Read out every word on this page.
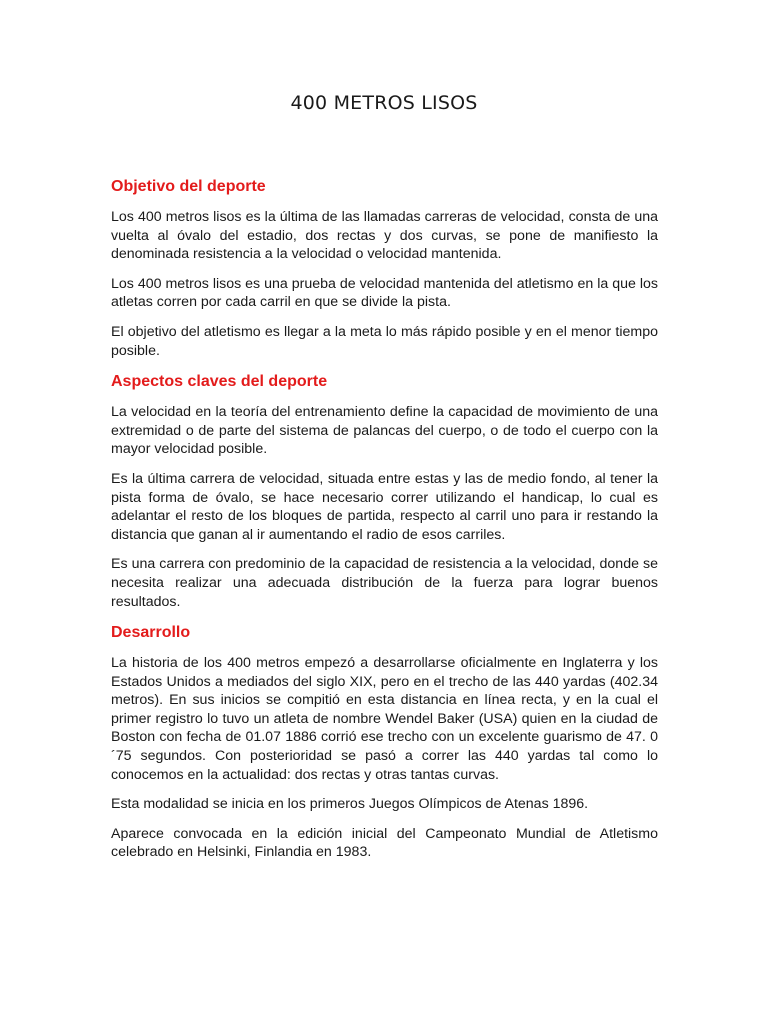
400 METROS LISOS
Objetivo del deporte

Los 400 metros lisos es la última de las llamadas carreras de velocidad, consta de una vuelta al óvalo del estadio, dos rectas y dos curvas, se pone de manifiesto la denominada resistencia a la velocidad o velocidad mantenida.

Los 400 metros lisos es una prueba de velocidad mantenida del atletismo en la que los atletas corren por cada carril en que se divide la pista.

El objetivo del atletismo es llegar a la meta lo más rápido posible y en el menor tiempo posible.

Aspectos claves del deporte

La velocidad en la teoría del entrenamiento define la capacidad de movimiento de una extremidad o de parte del sistema de palancas del cuerpo, o de todo el cuerpo con la mayor velocidad posible.

Es la última carrera de velocidad, situada entre estas y las de medio fondo, al tener la pista forma de óvalo, se hace necesario correr utilizando el handicap, lo cual es adelantar el resto de los bloques de partida, respecto al carril uno para ir restando la distancia que ganan al ir aumentando el radio de esos carriles.

Es una carrera con predominio de la capacidad de resistencia a la velocidad, donde se necesita realizar una adecuada distribución de la fuerza para lograr buenos resultados.

Desarrollo

La historia de los 400 metros empezó a desarrollarse oficialmente en Inglaterra y los Estados Unidos a mediados del siglo XIX, pero en el trecho de las 440 yardas (402.34 metros). En sus inicios se compitió en esta distancia en línea recta, y en la cual el primer registro lo tuvo un atleta de nombre Wendel Baker (USA) quien en la ciudad de Boston con fecha de 01.07 1886 corrió ese trecho con un excelente guarismo de 47. 0´75 segundos. Con posterioridad se pasó a correr las 440 yardas tal como lo conocemos en la actualidad: dos rectas y otras tantas curvas.

Esta modalidad se inicia en los primeros Juegos Olímpicos de Atenas 1896.

Aparece convocada en la edición inicial del Campeonato Mundial de Atletismo celebrado en Helsinki, Finlandia en 1983.
